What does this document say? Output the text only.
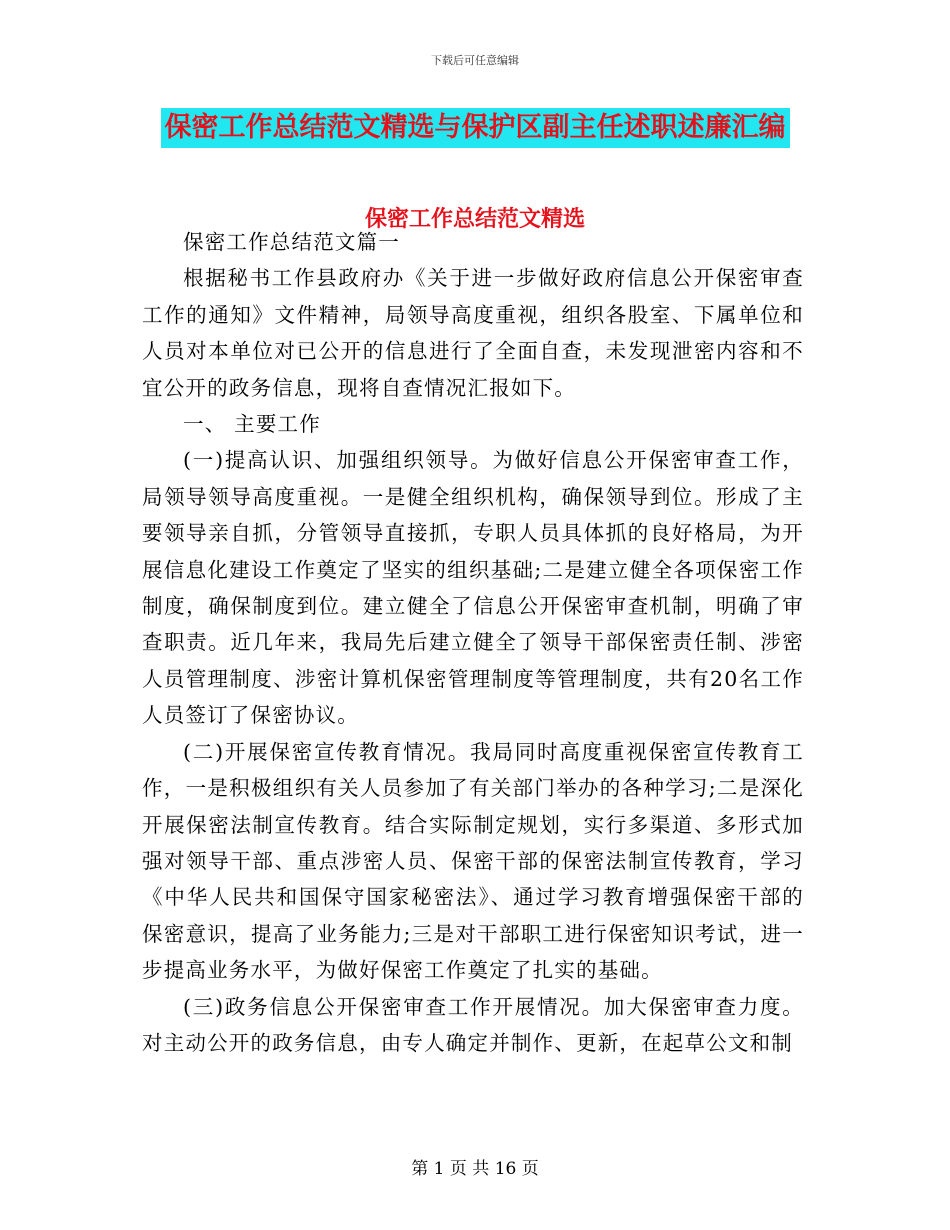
下载后可任意编辑
保密工作总结范文精选与保护区副主任述职述廉汇编
保密工作总结范文精选

保密工作总结范文篇一

根据秘书工作县政府办《关于进一步做好政府信息公开保密审查工作的通知》文件精神，局领导高度重视，组织各股室、下属单位和人员对本单位对已公开的信息进行了全面自查，未发现泄密内容和不宜公开的政务信息，现将自查情况汇报如下。

一、 主要工作

(一)提高认识、加强组织领导。为做好信息公开保密审查工作，局领导领导高度重视。一是健全组织机构，确保领导到位。形成了主要领导亲自抓，分管领导直接抓，专职人员具体抓的良好格局，为开展信息化建设工作奠定了坚实的组织基础;二是建立健全各项保密工作制度，确保制度到位。建立健全了信息公开保密审查机制，明确了审查职责。近几年来，我局先后建立健全了领导干部保密责任制、涉密人员管理制度、涉密计算机保密管理制度等管理制度，共有20名工作人员签订了保密协议。

(二)开展保密宣传教育情况。我局同时高度重视保密宣传教育工作，一是积极组织有关人员参加了有关部门举办的各种学习;二是深化开展保密法制宣传教育。结合实际制定规划，实行多渠道、多形式加强对领导干部、重点涉密人员、保密干部的保密法制宣传教育，学习《中华人民共和国保守国家秘密法》、通过学习教育增强保密干部的保密意识，提高了业务能力;三是对干部职工进行保密知识考试，进一步提高业务水平，为做好保密工作奠定了扎实的基础。

(三)政务信息公开保密审查工作开展情况。加大保密审查力度。对主动公开的政务信息，由专人确定并制作、更新，在起草公文和制

第 1 页 共 16 页
